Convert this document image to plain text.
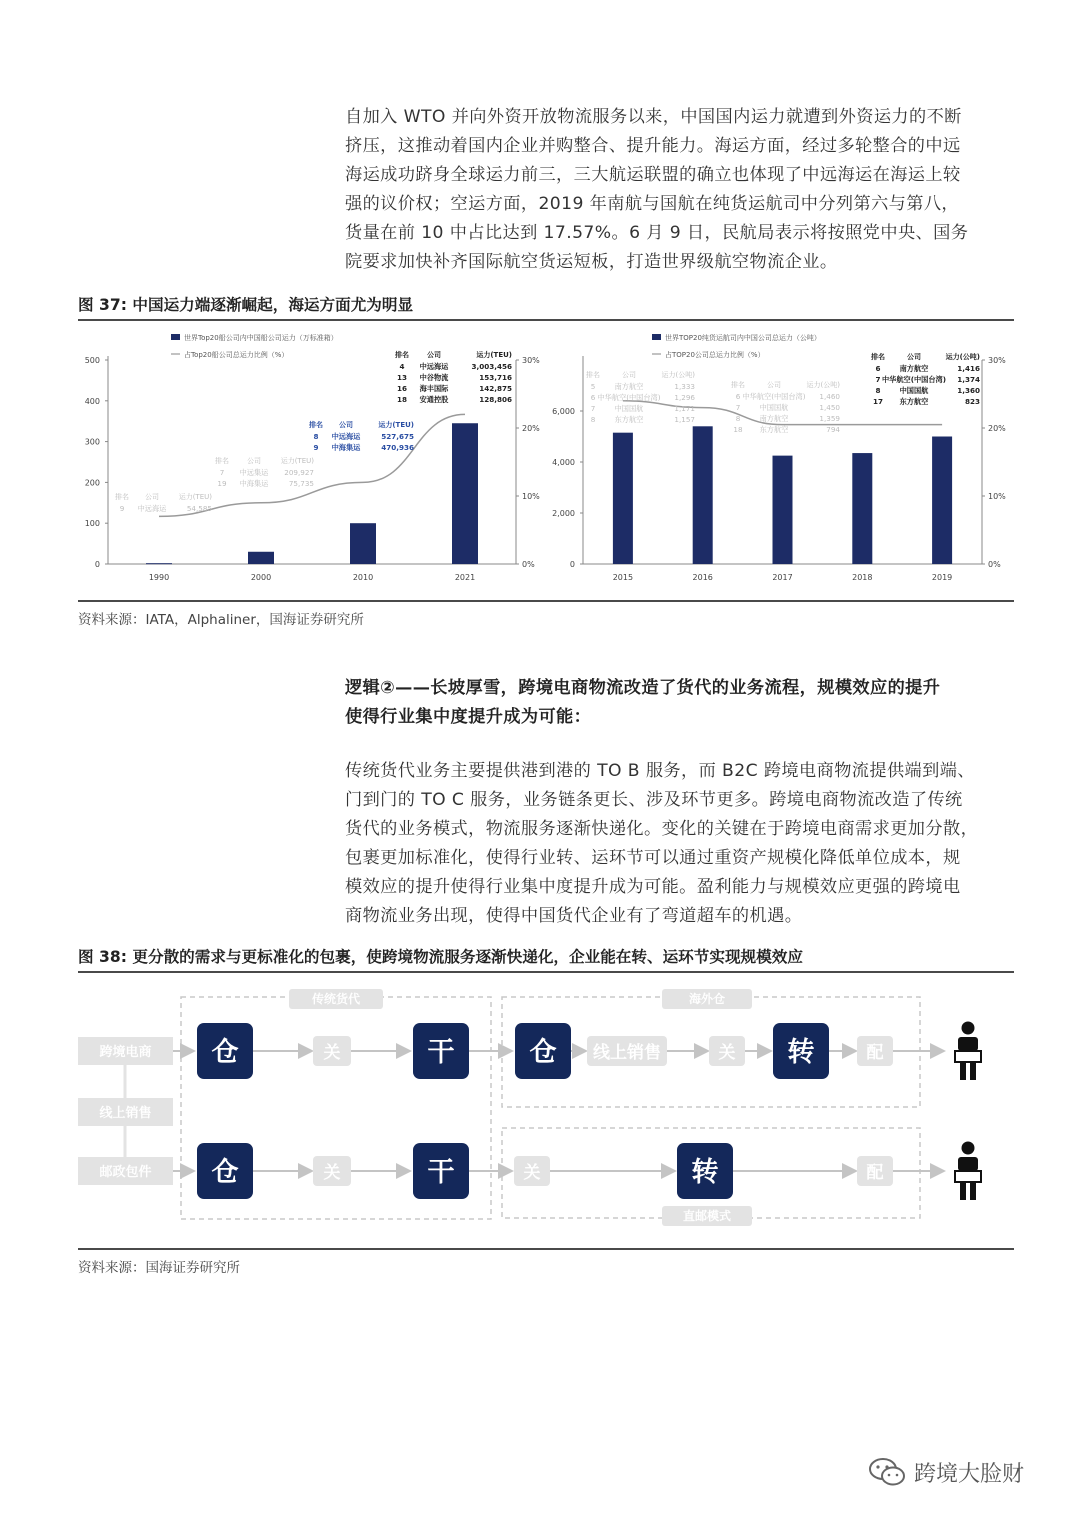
自加入 WTO 并向外资开放物流服务以来，中国国内运力就遭到外资运力的不断
挤压，这推动着国内企业并购整合、提升能力。海运方面，经过多轮整合的中远
海运成功跻身全球运力前三，三大航运联盟的确立也体现了中远海运在海运上较
强的议价权；空运方面，2019 年南航与国航在纯货运航司中分列第六与第八，
货量在前 10 中占比达到 17.57%。6 月 9 日，民航局表示将按照党中央、国务
院要求加快补齐国际航空货运短板，打造世界级航空物流企业。
图 37: 中国运力端逐渐崛起，海运方面尤为明显
世界Top20船公司内中国船公司运力（万标准箱）
占Top20船公司总运力比例（%）
0
100
200
300
400
500
0%
10%
20%
30%
1990	2000	2010	2021
排名 公司	运力(TEU)
9 中远海运	54,585
排名	公司	运力(TEU)
7 中远集运 209,927
19 中海集运	75,735
排名 公司	运力(TEU)
8 中远海运	527,675
9 中海集运	470,936
排名	公司	运力(TEU)
4 中远海运	3,003,456
13 中谷物流	153,716
16 海丰国际	142,875
18 安通控股	128,806
世界TOP20纯货运航司内中国公司总运力（公吨）
占TOP20公司总运力比例（%）
0
2,000
4,000
6,000
0%
10%
20%
30%
2015	2016	2017	2018	2019
排名	公司	运力(公吨)
5	南方航空	1,333
6 中华航空(中国台湾) 1,296
7	中国国航	1,171
8	东方航空	1,157
排名	公司	运力(公吨)
6 中华航空(中国台湾) 1,460
7	中国国航	1,450
8	南方航空	1,359
18 东方航空	794
排名	公司	运力(公吨)
6	南方航空	1,416
7 中华航空(中国台湾) 1,374
8	中国国航	1,360
17 东方航空	823
资料来源：IATA，Alphaliner，国海证券研究所
逻辑②——长坡厚雪，跨境电商物流改造了货代的业务流程，规模效应的提升
使得行业集中度提升成为可能：
传统货代业务主要提供港到港的 TO B 服务，而 B2C 跨境电商物流提供端到端、
门到门的 TO C 服务，业务链条更长、涉及环节更多。跨境电商物流改造了传统
货代的业务模式，物流服务逐渐快递化。变化的关键在于跨境电商需求更加分散，
包裹更加标准化，使得行业转、运环节可以通过重资产规模化降低单位成本，规
模效应的提升使得行业集中度提升成为可能。盈利能力与规模效应更强的跨境电
商物流业务出现，使得中国货代企业有了弯道超车的机遇。
图 38: 更分散的需求与更标准化的包裹，使跨境物流服务逐渐快递化，企业能在转、运环节实现规模效应
传统货代	海外仓
直邮模式
跨境电商
线上销售
邮政包件
仓	关	干	仓 线上销售	关 转	配
仓	关	干	关	转	配
资料来源：国海证券研究所
跨境大脸财
